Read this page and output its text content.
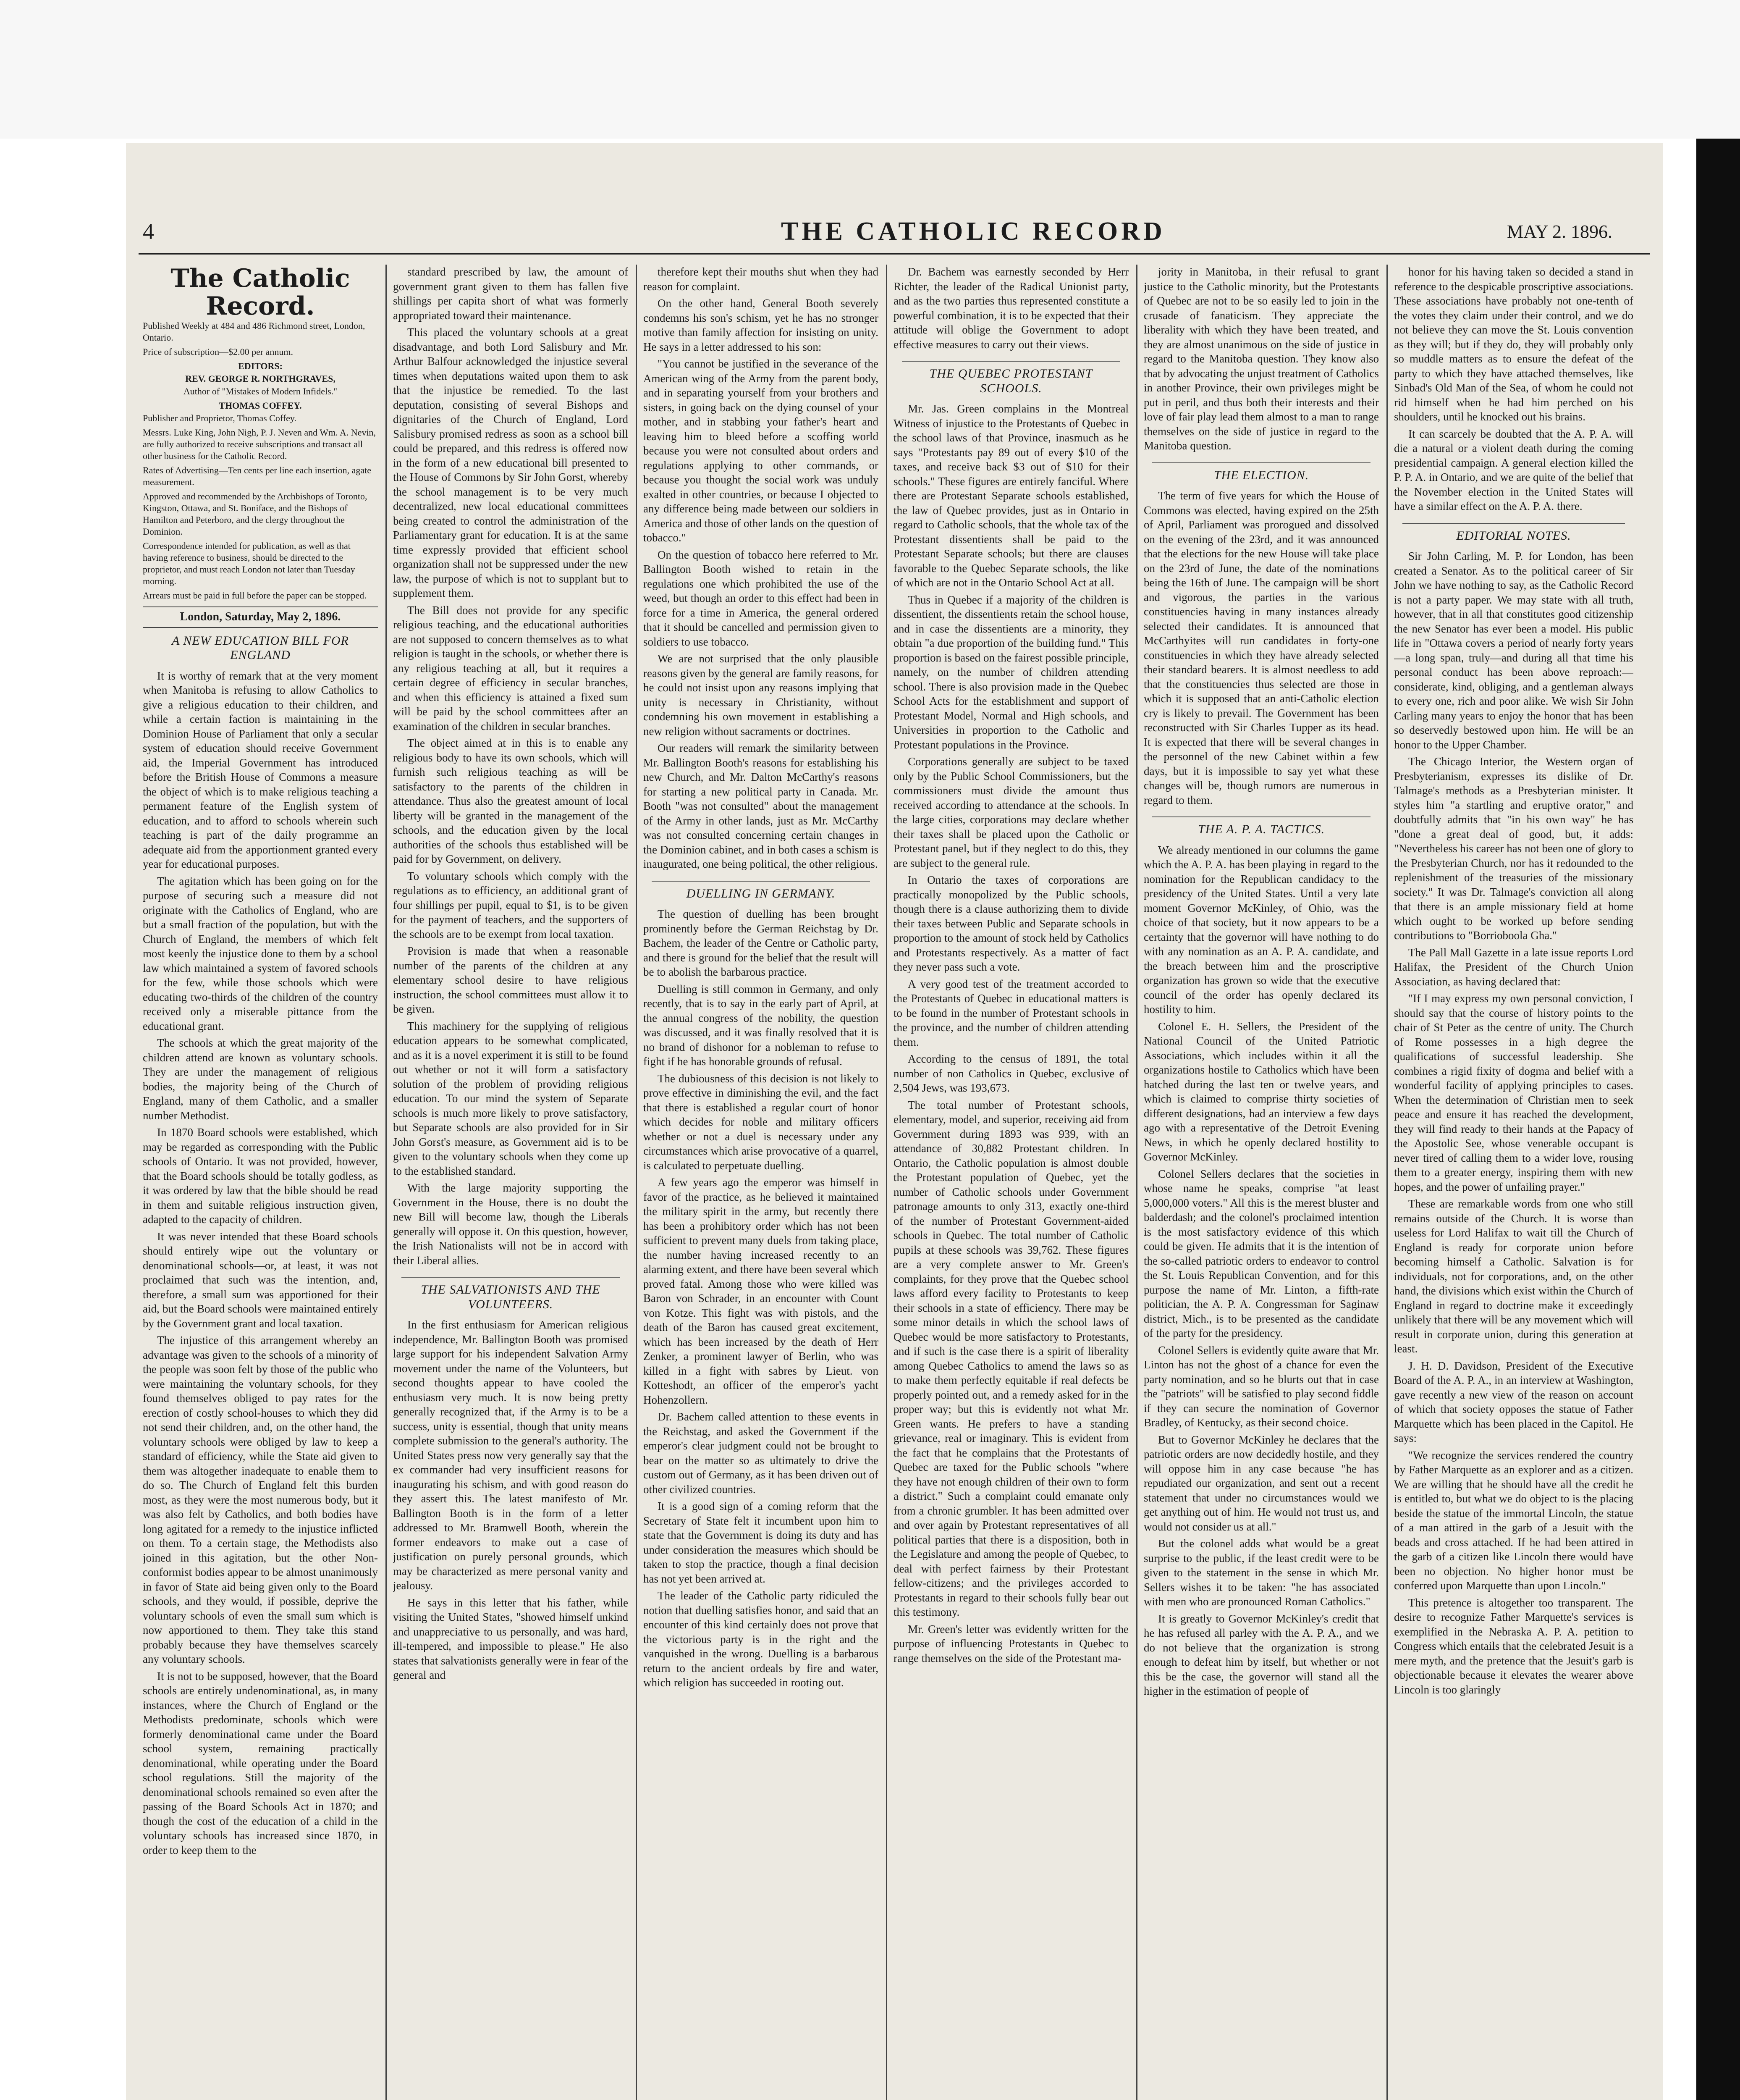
4	THE CATHOLIC RECORD	MAY 2. 1896.
The Catholic Record.

Published Weekly at 484 and 486 Richmond street, London, Ontario.

Price of subscription—$2.00 per annum.

EDITORS:
REV. GEORGE R. NORTHGRAVES,

Author of "Mistakes of Modern Infidels."

THOMAS COFFEY.

Publisher and Proprietor, Thomas Coffey.

Messrs. Luke King, John Nigh, P. J. Neven and Wm. A. Nevin, are fully authorized to receive subscriptions and transact all other business for the Catholic Record.

Rates of Advertising—Ten cents per line each insertion, agate measurement.

Approved and recommended by the Archbishops of Toronto, Kingston, Ottawa, and St. Boniface, and the Bishops of Hamilton and Peterboro, and the clergy throughout the Dominion.

Correspondence intended for publication, as well as that having reference to business, should be directed to the proprietor, and must reach London not later than Tuesday morning.

Arrears must be paid in full before the paper can be stopped.

London, Saturday, May 2, 1896.
A NEW EDUCATION BILL FOR ENGLAND

It is worthy of remark that at the very moment when Manitoba is refusing to allow Catholics to give a religious education to their children, and while a certain faction is maintaining in the Dominion House of Parliament that only a secular system of education should receive Government aid, the Imperial Government has introduced before the British House of Commons a measure the object of which is to make religious teaching a permanent feature of the English system of education, and to afford to schools wherein such teaching is part of the daily programme an adequate aid from the apportionment granted every year for educational purposes.

The agitation which has been going on for the purpose of securing such a measure did not originate with the Catholics of England, who are but a small fraction of the population, but with the Church of England, the members of which felt most keenly the injustice done to them by a school law which maintained a system of favored schools for the few, while those schools which were educating two-thirds of the children of the country received only a miserable pittance from the educational grant.

The schools at which the great majority of the children attend are known as voluntary schools. They are under the management of religious bodies, the majority being of the Church of England, many of them Catholic, and a smaller number Methodist.

In 1870 Board schools were established, which may be regarded as corresponding with the Public schools of Ontario. It was not provided, however, that the Board schools should be totally godless, as it was ordered by law that the bible should be read in them and suitable religious instruction given, adapted to the capacity of children.

It was never intended that these Board schools should entirely wipe out the voluntary or denominational schools—or, at least, it was not proclaimed that such was the intention, and, therefore, a small sum was apportioned for their aid, but the Board schools were maintained entirely by the Government grant and local taxation.

The injustice of this arrangement whereby an advantage was given to the schools of a minority of the people was soon felt by those of the public who were maintaining the voluntary schools, for they found themselves obliged to pay rates for the erection of costly school-houses to which they did not send their children, and, on the other hand, the voluntary schools were obliged by law to keep a standard of efficiency, while the State aid given to them was altogether inadequate to enable them to do so. The Church of England felt this burden most, as they were the most numerous body, but it was also felt by Catholics, and both bodies have long agitated for a remedy to the injustice inflicted on them. To a certain stage, the Methodists also joined in this agitation, but the other Non-conformist bodies appear to be almost unanimously in favor of State aid being given only to the Board schools, and they would, if possible, deprive the voluntary schools of even the small sum which is now apportioned to them. They take this stand probably because they have themselves scarcely any voluntary schools.

It is not to be supposed, however, that the Board schools are entirely undenominational, as, in many instances, where the Church of England or the Methodists predominate, schools which were formerly denominational came under the Board school system, remaining practically denominational, while operating under the Board school regulations. Still the majority of the denominational schools remained so even after the passing of the Board Schools Act in 1870; and though the cost of the education of a child in the voluntary schools has increased since 1870, in order to keep them to the

standard prescribed by law, the amount of government grant given to them has fallen five shillings per capita short of what was formerly appropriated toward their maintenance.

This placed the voluntary schools at a great disadvantage, and both Lord Salisbury and Mr. Arthur Balfour acknowledged the injustice several times when deputations waited upon them to ask that the injustice be remedied. To the last deputation, consisting of several Bishops and dignitaries of the Church of England, Lord Salisbury promised redress as soon as a school bill could be prepared, and this redress is offered now in the form of a new educational bill presented to the House of Commons by Sir John Gorst, whereby the school management is to be very much decentralized, new local educational committees being created to control the administration of the Parliamentary grant for education. It is at the same time expressly provided that efficient school organization shall not be suppressed under the new law, the purpose of which is not to supplant but to supplement them.

The Bill does not provide for any specific religious teaching, and the educational authorities are not supposed to concern themselves as to what religion is taught in the schools, or whether there is any religious teaching at all, but it requires a certain degree of efficiency in secular branches, and when this efficiency is attained a fixed sum will be paid by the school committees after an examination of the children in secular branches.

The object aimed at in this is to enable any religious body to have its own schools, which will furnish such religious teaching as will be satisfactory to the parents of the children in attendance. Thus also the greatest amount of local liberty will be granted in the management of the schools, and the education given by the local authorities of the schools thus established will be paid for by Government, on delivery.

To voluntary schools which comply with the regulations as to efficiency, an additional grant of four shillings per pupil, equal to $1, is to be given for the payment of teachers, and the supporters of the schools are to be exempt from local taxation.

Provision is made that when a reasonable number of the parents of the children at any elementary school desire to have religious instruction, the school committees must allow it to be given.

This machinery for the supplying of religious education appears to be somewhat complicated, and as it is a novel experiment it is still to be found out whether or not it will form a satisfactory solution of the problem of providing religious education. To our mind the system of Separate schools is much more likely to prove satisfactory, but Separate schools are also provided for in Sir John Gorst's measure, as Government aid is to be given to the voluntary schools when they come up to the established standard.

With the large majority supporting the Government in the House, there is no doubt the new Bill will become law, though the Liberals generally will oppose it. On this question, however, the Irish Nationalists will not be in accord with their Liberal allies.

THE SALVATIONISTS AND THE VOLUNTEERS.

In the first enthusiasm for American religious independence, Mr. Ballington Booth was promised large support for his independent Salvation Army movement under the name of the Volunteers, but second thoughts appear to have cooled the enthusiasm very much. It is now being pretty generally recognized that, if the Army is to be a success, unity is essential, though that unity means complete submission to the general's authority. The United States press now very generally say that the ex commander had very insufficient reasons for inaugurating his schism, and with good reason do they assert this. The latest manifesto of Mr. Ballington Booth is in the form of a letter addressed to Mr. Bramwell Booth, wherein the former endeavors to make out a case of justification on purely personal grounds, which may be characterized as mere personal vanity and jealousy.

He says in this letter that his father, while visiting the United States, "showed himself unkind and unappreciative to us personally, and was hard, ill-tempered, and impossible to please." He also states that salvationists generally were in fear of the general and

therefore kept their mouths shut when they had reason for complaint.

On the other hand, General Booth severely condemns his son's schism, yet he has no stronger motive than family affection for insisting on unity. He says in a letter addressed to his son:

"You cannot be justified in the severance of the American wing of the Army from the parent body, and in separating yourself from your brothers and sisters, in going back on the dying counsel of your mother, and in stabbing your father's heart and leaving him to bleed before a scoffing world because you were not consulted about orders and regulations applying to other commands, or because you thought the social work was unduly exalted in other countries, or because I objected to any difference being made between our soldiers in America and those of other lands on the question of tobacco."

On the question of tobacco here referred to Mr. Ballington Booth wished to retain in the regulations one which prohibited the use of the weed, but though an order to this effect had been in force for a time in America, the general ordered that it should be cancelled and permission given to soldiers to use tobacco.

We are not surprised that the only plausible reasons given by the general are family reasons, for he could not insist upon any reasons implying that unity is necessary in Christianity, without condemning his own movement in establishing a new religion without sacraments or doctrines.

Our readers will remark the similarity between Mr. Ballington Booth's reasons for establishing his new Church, and Mr. Dalton McCarthy's reasons for starting a new political party in Canada. Mr. Booth "was not consulted" about the management of the Army in other lands, just as Mr. McCarthy was not consulted concerning certain changes in the Dominion cabinet, and in both cases a schism is inaugurated, one being political, the other religious.

DUELLING IN GERMANY.

The question of duelling has been brought prominently before the German Reichstag by Dr. Bachem, the leader of the Centre or Catholic party, and there is ground for the belief that the result will be to abolish the barbarous practice.

Duelling is still common in Germany, and only recently, that is to say in the early part of April, at the annual congress of the nobility, the question was discussed, and it was finally resolved that it is no brand of dishonor for a nobleman to refuse to fight if he has honorable grounds of refusal.

The dubiousness of this decision is not likely to prove effective in diminishing the evil, and the fact that there is established a regular court of honor which decides for noble and military officers whether or not a duel is necessary under any circumstances which arise provocative of a quarrel, is calculated to perpetuate duelling.

A few years ago the emperor was himself in favor of the practice, as he believed it maintained the military spirit in the army, but recently there has been a prohibitory order which has not been sufficient to prevent many duels from taking place, the number having increased recently to an alarming extent, and there have been several which proved fatal. Among those who were killed was Baron von Schrader, in an encounter with Count von Kotze. This fight was with pistols, and the death of the Baron has caused great excitement, which has been increased by the death of Herr Zenker, a prominent lawyer of Berlin, who was killed in a fight with sabres by Lieut. von Kotteshodt, an officer of the emperor's yacht Hohenzollern.

Dr. Bachem called attention to these events in the Reichstag, and asked the Government if the emperor's clear judgment could not be brought to bear on the matter so as ultimately to drive the custom out of Germany, as it has been driven out of other civilized countries.

It is a good sign of a coming reform that the Secretary of State felt it incumbent upon him to state that the Government is doing its duty and has under consideration the measures which should be taken to stop the practice, though a final decision has not yet been arrived at.

The leader of the Catholic party ridiculed the notion that duelling satisfies honor, and said that an encounter of this kind certainly does not prove that the victorious party is in the right and the vanquished in the wrong. Duelling is a barbarous return to the ancient ordeals by fire and water, which religion has succeeded in rooting out.

Dr. Bachem was earnestly seconded by Herr Richter, the leader of the Radical Unionist party, and as the two parties thus represented constitute a powerful combination, it is to be expected that their attitude will oblige the Government to adopt effective measures to carry out their views.

THE QUEBEC PROTESTANT SCHOOLS.

Mr. Jas. Green complains in the Montreal Witness of injustice to the Protestants of Quebec in the school laws of that Province, inasmuch as he says "Protestants pay 89 out of every $10 of the taxes, and receive back $3 out of $10 for their schools." These figures are entirely fanciful. Where there are Protestant Separate schools established, the law of Quebec provides, just as in Ontario in regard to Catholic schools, that the whole tax of the Protestant dissentients shall be paid to the Protestant Separate schools; but there are clauses favorable to the Quebec Separate schools, the like of which are not in the Ontario School Act at all.

Thus in Quebec if a majority of the children is dissentient, the dissentients retain the school house, and in case the dissentients are a minority, they obtain "a due proportion of the building fund." This proportion is based on the fairest possible principle, namely, on the number of children attending school. There is also provision made in the Quebec School Acts for the establishment and support of Protestant Model, Normal and High schools, and Universities in proportion to the Catholic and Protestant populations in the Province.

Corporations generally are subject to be taxed only by the Public School Commissioners, but the commissioners must divide the amount thus received according to attendance at the schools. In the large cities, corporations may declare whether their taxes shall be placed upon the Catholic or Protestant panel, but if they neglect to do this, they are subject to the general rule.

In Ontario the taxes of corporations are practically monopolized by the Public schools, though there is a clause authorizing them to divide their taxes between Public and Separate schools in proportion to the amount of stock held by Catholics and Protestants respectively. As a matter of fact they never pass such a vote.

A very good test of the treatment accorded to the Protestants of Quebec in educational matters is to be found in the number of Protestant schools in the province, and the number of children attending them.

According to the census of 1891, the total number of non Catholics in Quebec, exclusive of 2,504 Jews, was 193,673.

The total number of Protestant schools, elementary, model, and superior, receiving aid from Government during 1893 was 939, with an attendance of 30,882 Protestant children. In Ontario, the Catholic population is almost double the Protestant population of Quebec, yet the number of Catholic schools under Government patronage amounts to only 313, exactly one-third of the number of Protestant Government-aided schools in Quebec. The total number of Catholic pupils at these schools was 39,762. These figures are a very complete answer to Mr. Green's complaints, for they prove that the Quebec school laws afford every facility to Protestants to keep their schools in a state of efficiency. There may be some minor details in which the school laws of Quebec would be more satisfactory to Protestants, and if such is the case there is a spirit of liberality among Quebec Catholics to amend the laws so as to make them perfectly equitable if real defects be properly pointed out, and a remedy asked for in the proper way; but this is evidently not what Mr. Green wants. He prefers to have a standing grievance, real or imaginary. This is evident from the fact that he complains that the Protestants of Quebec are taxed for the Public schools "where they have not enough children of their own to form a district." Such a complaint could emanate only from a chronic grumbler. It has been admitted over and over again by Protestant representatives of all political parties that there is a disposition, both in the Legislature and among the people of Quebec, to deal with perfect fairness by their Protestant fellow-citizens; and the privileges accorded to Protestants in regard to their schools fully bear out this testimony.

Mr. Green's letter was evidently written for the purpose of influencing Protestants in Quebec to range themselves on the side of the Protestant ma-

jority in Manitoba, in their refusal to grant justice to the Catholic minority, but the Protestants of Quebec are not to be so easily led to join in the crusade of fanaticism. They appreciate the liberality with which they have been treated, and they are almost unanimous on the side of justice in regard to the Manitoba question. They know also that by advocating the unjust treatment of Catholics in another Province, their own privileges might be put in peril, and thus both their interests and their love of fair play lead them almost to a man to range themselves on the side of justice in regard to the Manitoba question.

THE ELECTION.

The term of five years for which the House of Commons was elected, having expired on the 25th of April, Parliament was prorogued and dissolved on the evening of the 23rd, and it was announced that the elections for the new House will take place on the 23rd of June, the date of the nominations being the 16th of June. The campaign will be short and vigorous, the parties in the various constituencies having in many instances already selected their candidates. It is announced that McCarthyites will run candidates in forty-one constituencies in which they have already selected their standard bearers. It is almost needless to add that the constituencies thus selected are those in which it is supposed that an anti-Catholic election cry is likely to prevail. The Government has been reconstructed with Sir Charles Tupper as its head. It is expected that there will be several changes in the personnel of the new Cabinet within a few days, but it is impossible to say yet what these changes will be, though rumors are numerous in regard to them.

THE A. P. A. TACTICS.

We already mentioned in our columns the game which the A. P. A. has been playing in regard to the nomination for the Republican candidacy to the presidency of the United States. Until a very late moment Governor McKinley, of Ohio, was the choice of that society, but it now appears to be a certainty that the governor will have nothing to do with any nomination as an A. P. A. candidate, and the breach between him and the proscriptive organization has grown so wide that the executive council of the order has openly declared its hostility to him.

Colonel E. H. Sellers, the President of the National Council of the United Patriotic Associations, which includes within it all the organizations hostile to Catholics which have been hatched during the last ten or twelve years, and which is claimed to comprise thirty societies of different designations, had an interview a few days ago with a representative of the Detroit Evening News, in which he openly declared hostility to Governor McKinley.

Colonel Sellers declares that the societies in whose name he speaks, comprise "at least 5,000,000 voters." All this is the merest bluster and balderdash; and the colonel's proclaimed intention is the most satisfactory evidence of this which could be given. He admits that it is the intention of the so-called patriotic orders to endeavor to control the St. Louis Republican Convention, and for this purpose the name of Mr. Linton, a fifth-rate politician, the A. P. A. Congressman for Saginaw district, Mich., is to be presented as the candidate of the party for the presidency.

Colonel Sellers is evidently quite aware that Mr. Linton has not the ghost of a chance for even the party nomination, and so he blurts out that in case the "patriots" will be satisfied to play second fiddle if they can secure the nomination of Governor Bradley, of Kentucky, as their second choice.

But to Governor McKinley he declares that the patriotic orders are now decidedly hostile, and they will oppose him in any case because "he has repudiated our organization, and sent out a recent statement that under no circumstances would we get anything out of him. He would not trust us, and would not consider us at all."

But the colonel adds what would be a great surprise to the public, if the least credit were to be given to the statement in the sense in which Mr. Sellers wishes it to be taken: "he has associated with men who are pronounced Roman Catholics."

It is greatly to Governor McKinley's credit that he has refused all parley with the A. P. A., and we do not believe that the organization is strong enough to defeat him by itself, but whether or not this be the case, the governor will stand all the higher in the estimation of people of

honor for his having taken so decided a stand in reference to the despicable proscriptive associations. These associations have probably not one-tenth of the votes they claim under their control, and we do not believe they can move the St. Louis convention as they will; but if they do, they will probably only so muddle matters as to ensure the defeat of the party to which they have attached themselves, like Sinbad's Old Man of the Sea, of whom he could not rid himself when he had him perched on his shoulders, until he knocked out his brains.

It can scarcely be doubted that the A. P. A. will die a natural or a violent death during the coming presidential campaign. A general election killed the P. P. A. in Ontario, and we are quite of the belief that the November election in the United States will have a similar effect on the A. P. A. there.

EDITORIAL NOTES.

Sir John Carling, M. P. for London, has been created a Senator. As to the political career of Sir John we have nothing to say, as the Catholic Record is not a party paper. We may state with all truth, however, that in all that constitutes good citizenship the new Senator has ever been a model. His public life in "Ottawa covers a period of nearly forty years—a long span, truly—and during all that time his personal conduct has been above reproach:—considerate, kind, obliging, and a gentleman always to every one, rich and poor alike. We wish Sir John Carling many years to enjoy the honor that has been so deservedly bestowed upon him. He will be an honor to the Upper Chamber.

The Chicago Interior, the Western organ of Presbyterianism, expresses its dislike of Dr. Talmage's methods as a Presbyterian minister. It styles him "a startling and eruptive orator," and doubtfully admits that "in his own way" he has "done a great deal of good, but, it adds: "Nevertheless his career has not been one of glory to the Presbyterian Church, nor has it redounded to the replenishment of the treasuries of the missionary society." It was Dr. Talmage's conviction all along that there is an ample missionary field at home which ought to be worked up before sending contributions to "Borrioboola Gha."

The Pall Mall Gazette in a late issue reports Lord Halifax, the President of the Church Union Association, as having declared that:

"If I may express my own personal conviction, I should say that the course of history points to the chair of St Peter as the centre of unity. The Church of Rome possesses in a high degree the qualifications of successful leadership. She combines a rigid fixity of dogma and belief with a wonderful facility of applying principles to cases. When the determination of Christian men to seek peace and ensure it has reached the development, they will find ready to their hands at the Papacy of the Apostolic See, whose venerable occupant is never tired of calling them to a wider love, rousing them to a greater energy, inspiring them with new hopes, and the power of unfailing prayer."

These are remarkable words from one who still remains outside of the Church. It is worse than useless for Lord Halifax to wait till the Church of England is ready for corporate union before becoming himself a Catholic. Salvation is for individuals, not for corporations, and, on the other hand, the divisions which exist within the Church of England in regard to doctrine make it exceedingly unlikely that there will be any movement which will result in corporate union, during this generation at least.

J. H. D. Davidson, President of the Executive Board of the A. P. A., in an interview at Washington, gave recently a new view of the reason on account of which that society opposes the statue of Father Marquette which has been placed in the Capitol. He says:

"We recognize the services rendered the country by Father Marquette as an explorer and as a citizen. We are willing that he should have all the credit he is entitled to, but what we do object to is the placing beside the statue of the immortal Lincoln, the statue of a man attired in the garb of a Jesuit with the beads and cross attached. If he had been attired in the garb of a citizen like Lincoln there would have been no objection. No higher honor must be conferred upon Marquette than upon Lincoln."

This pretence is altogether too transparent. The desire to recognize Father Marquette's services is exemplified in the Nebraska A. P. A. petition to Congress which entails that the celebrated Jesuit is a mere myth, and the pretence that the Jesuit's garb is objectionable because it elevates the wearer above Lincoln is too glaringly
